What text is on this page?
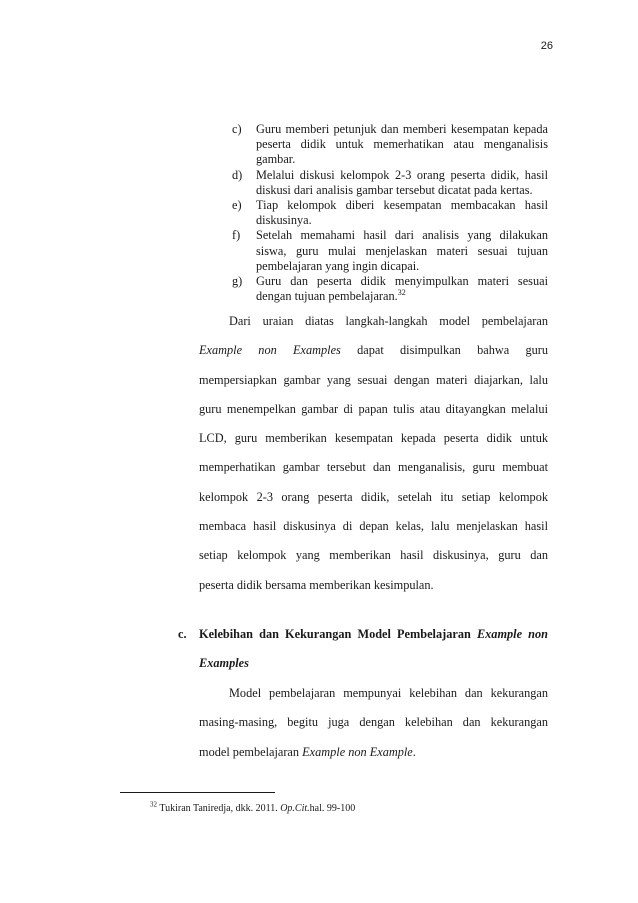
26
c) Guru memberi petunjuk dan memberi kesempatan kepada peserta didik untuk memerhatikan atau menganalisis gambar.
d) Melalui diskusi kelompok 2-3 orang peserta didik, hasil diskusi dari analisis gambar tersebut dicatat pada kertas.
e) Tiap kelompok diberi kesempatan membacakan hasil diskusinya.
f) Setelah memahami hasil dari analisis yang dilakukan siswa, guru mulai menjelaskan materi sesuai tujuan pembelajaran yang ingin dicapai.
g) Guru dan peserta didik menyimpulkan materi sesuai dengan tujuan pembelajaran.$^{32}$
Dari uraian diatas langkah-langkah model pembelajaran
Example non Examples dapat disimpulkan bahwa guru
mempersiapkan gambar yang sesuai dengan materi diajarkan, lalu
guru menempelkan gambar di papan tulis atau ditayangkan melalui
LCD, guru memberikan kesempatan kepada peserta didik untuk
memperhatikan gambar tersebut dan menganalisis, guru membuat
kelompok 2-3 orang peserta didik, setelah itu setiap kelompok
membaca hasil diskusinya di depan kelas, lalu menjelaskan hasil
setiap kelompok yang memberikan hasil diskusinya, guru dan
peserta didik bersama memberikan kesimpulan.
c.	Kelebihan dan Kekurangan Model Pembelajaran Example non
Examples
Model pembelajaran mempunyai kelebihan dan kekurangan
masing-masing, begitu juga dengan kelebihan dan kekurangan
model pembelajaran Example non Example.
$^{32}$ Tukiran Taniredja, dkk. 2011. Op.Cit.hal. 99-100
